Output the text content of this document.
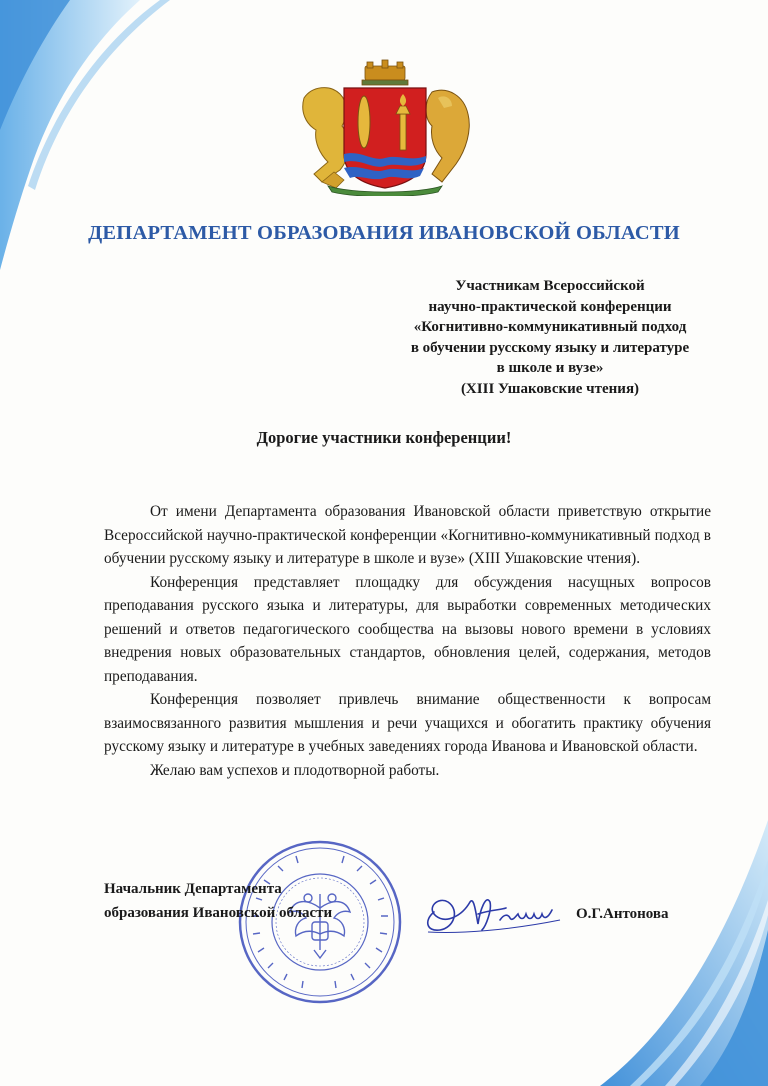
ДЕПАРТАМЕНТ ОБРАЗОВАНИЯ ИВАНОВСКОЙ ОБЛАСТИ
Участникам Всероссийской
научно-практической конференции
«Когнитивно-коммуникативный подход
в обучении русскому языку и литературе
в школе и вузе»
(XIII Ушаковские чтения)
Дорогие участники конференции!

От имени Департамента образования Ивановской области приветствую открытие Всероссийской научно-практической конференции «Когнитивно-коммуникативный подход в обучении русскому языку и литературе в школе и вузе» (XIII Ушаковские чтения).

Конференция представляет площадку для обсуждения насущных вопросов преподавания русского языка и литературы, для выработки современных методических решений и ответов педагогического сообщества на вызовы нового времени в условиях внедрения новых образовательных стандартов, обновления целей, содержания, методов преподавания.

Конференция позволяет привлечь внимание общественности к вопросам взаимосвязанного развития мышления и речи учащихся и обогатить практику обучения русскому языку и литературе в учебных заведениях города Иванова и Ивановской области.

Желаю вам успехов и плодотворной работы.

Начальник Департамента
образования Ивановской области	О.Г.Антонова
